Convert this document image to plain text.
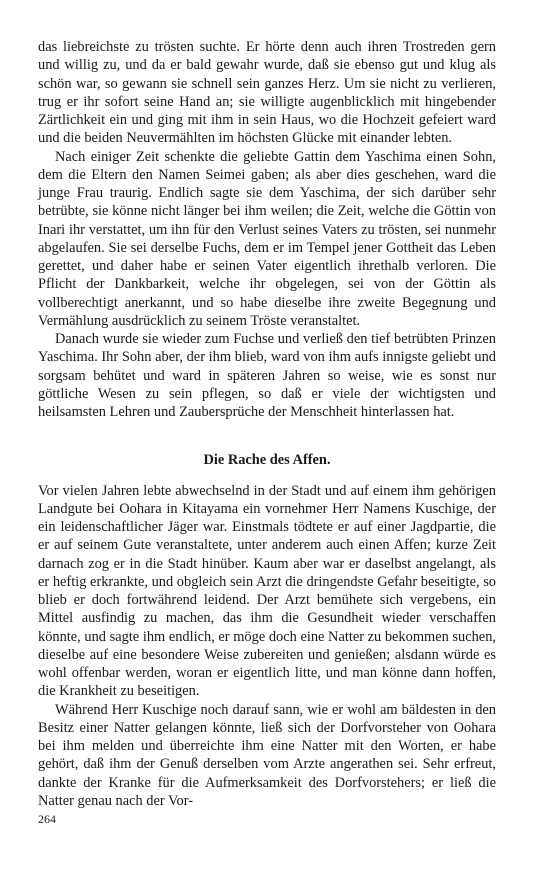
das liebreichste zu trösten suchte. Er hörte denn auch ihren Trostreden gern und willig zu, und da er bald gewahr wurde, daß sie ebenso gut und klug als schön war, so gewann sie schnell sein ganzes Herz. Um sie nicht zu verlieren, trug er ihr sofort seine Hand an; sie willigte augenblicklich mit hingebender Zärtlichkeit ein und ging mit ihm in sein Haus, wo die Hochzeit gefeiert ward und die beiden Neuvermählten im höchsten Glücke mit einander lebten.

Nach einiger Zeit schenkte die geliebte Gattin dem Yaschima einen Sohn, dem die Eltern den Namen Seimei gaben; als aber dies geschehen, ward die junge Frau traurig. Endlich sagte sie dem Yaschima, der sich darüber sehr betrübte, sie könne nicht länger bei ihm weilen; die Zeit, welche die Göttin von Inari ihr verstattet, um ihn für den Verlust seines Vaters zu trösten, sei nunmehr abgelaufen. Sie sei derselbe Fuchs, dem er im Tempel jener Gottheit das Leben gerettet, und daher habe er seinen Vater eigentlich ihrethalb verloren. Die Pflicht der Dankbarkeit, welche ihr obgelegen, sei von der Göttin als vollberechtigt anerkannt, und so habe dieselbe ihre zweite Begegnung und Vermählung ausdrücklich zu seinem Tröste veranstaltet.

Danach wurde sie wieder zum Fuchse und verließ den tief betrübten Prinzen Yaschima. Ihr Sohn aber, der ihm blieb, ward von ihm aufs innigste geliebt und sorgsam behütet und ward in späteren Jahren so weise, wie es sonst nur göttliche Wesen zu sein pflegen, so daß er viele der wichtigsten und heilsamsten Lehren und Zaubersprüche der Menschheit hinterlassen hat.

Die Rache des Affen.

Vor vielen Jahren lebte abwechselnd in der Stadt und auf einem ihm gehörigen Landgute bei Oohara in Kitayama ein vornehmer Herr Namens Kuschige, der ein leidenschaftlicher Jäger war. Einstmals tödtete er auf einer Jagdpartie, die er auf seinem Gute veranstaltete, unter anderem auch einen Affen; kurze Zeit darnach zog er in die Stadt hinüber. Kaum aber war er daselbst angelangt, als er heftig erkrankte, und obgleich sein Arzt die dringendste Gefahr beseitigte, so blieb er doch fortwährend leidend. Der Arzt bemühete sich vergebens, ein Mittel ausfindig zu machen, das ihm die Gesundheit wieder verschaffen könnte, und sagte ihm endlich, er möge doch eine Natter zu bekommen suchen, dieselbe auf eine besondere Weise zubereiten und genießen; alsdann würde es wohl offenbar werden, woran er eigentlich litte, und man könne dann hoffen, die Krankheit zu beseitigen.

Während Herr Kuschige noch darauf sann, wie er wohl am bäldesten in den Besitz einer Natter gelangen könnte, ließ sich der Dorfvorsteher von Oohara bei ihm melden und überreichte ihm eine Natter mit den Worten, er habe gehört, daß ihm der Genuß derselben vom Arzte angerathen sei. Sehr erfreut, dankte der Kranke für die Aufmerksamkeit des Dorfvorstehers; er ließ die Natter genau nach der Vor-

264
